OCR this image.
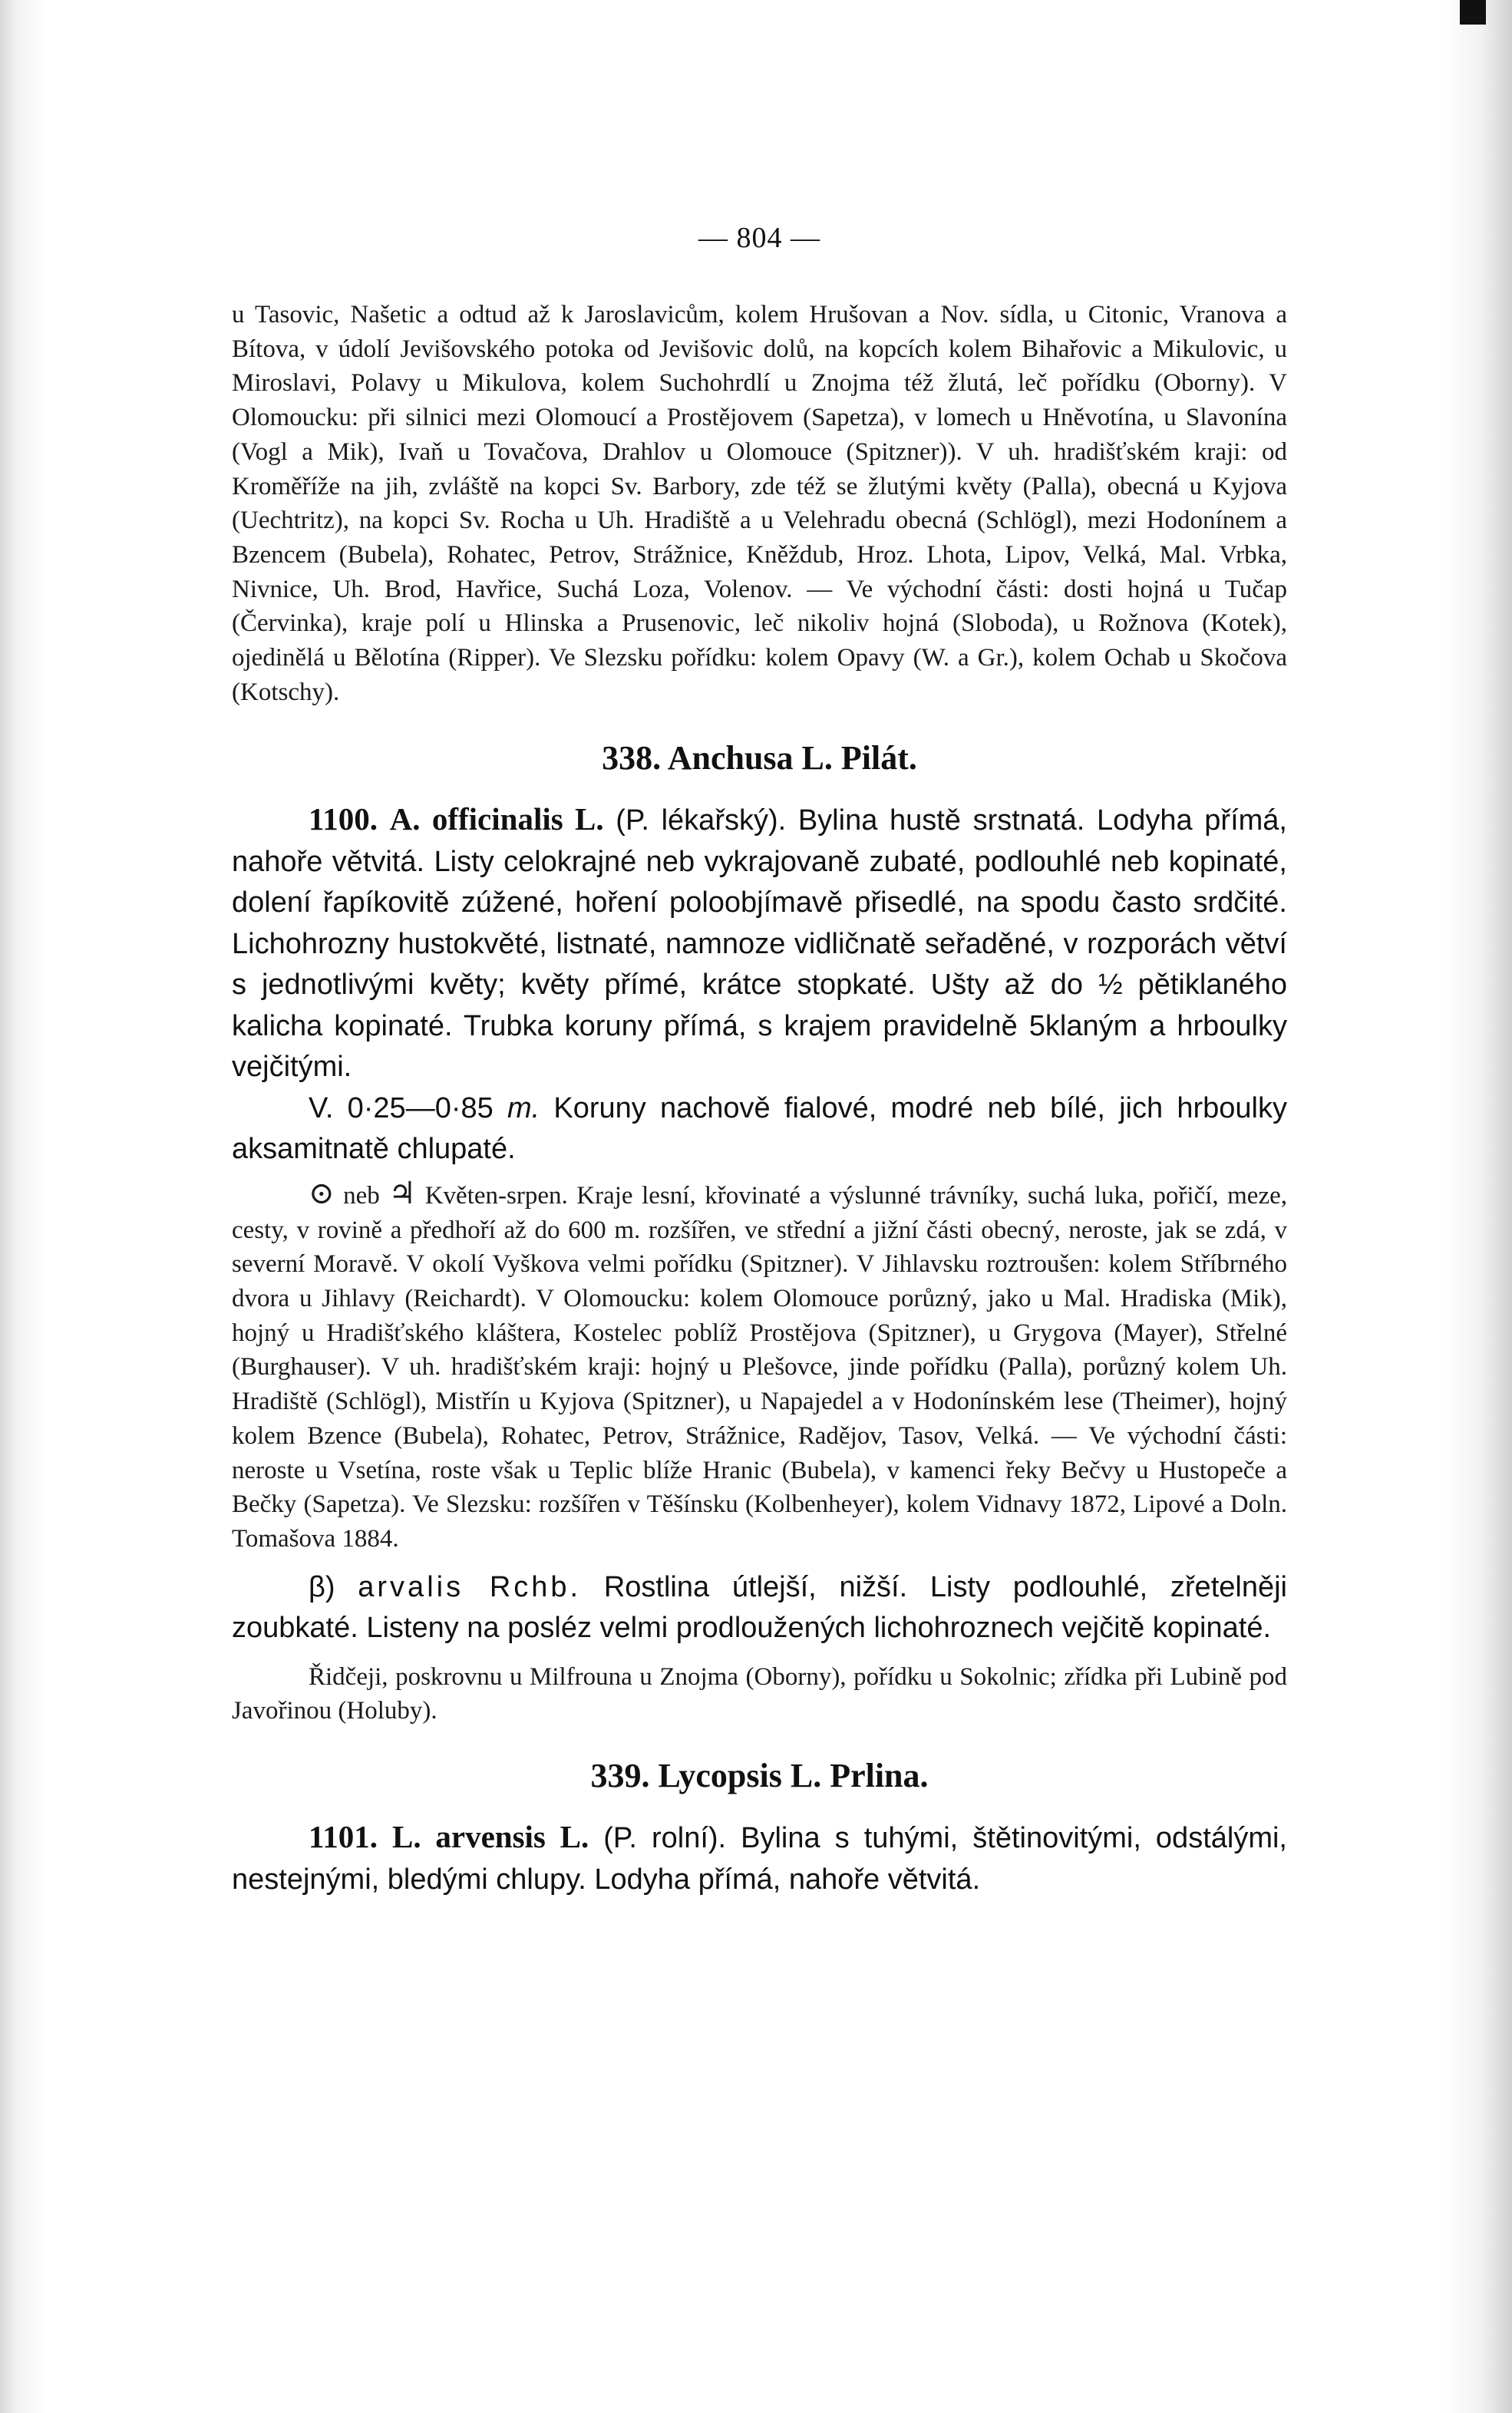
— 804 —

u Tasovic, Našetic a odtud až k Jaroslavicům, kolem Hrušovan a Nov. sídla, u Citonic, Vranova a Bítova, v údolí Jevišovského potoka od Jevišovic dolů, na kopcích kolem Bihařovic a Mikulovic, u Miroslavi, Polavy u Mikulova, kolem Suchohrdlí u Znojma též žlutá, leč pořídku (Oborny). V Olomoucku: při silnici mezi Olomoucí a Prostějovem (Sapetza), v lomech u Hněvotína, u Slavonína (Vogl a Mik), Ivaň u Tovačova, Drahlov u Olomouce (Spitzner)). V uh. hradišťském kraji: od Kroměříže na jih, zvláště na kopci Sv. Barbory, zde též se žlutými květy (Palla), obecná u Kyjova (Uechtritz), na kopci Sv. Rocha u Uh. Hradiště a u Velehradu obecná (Schlögl), mezi Hodonínem a Bzencem (Bubela), Rohatec, Petrov, Strážnice, Kněždub, Hroz. Lhota, Lipov, Velká, Mal. Vrbka, Nivnice, Uh. Brod, Havřice, Suchá Loza, Volenov. — Ve východní části: dosti hojná u Tučap (Červinka), kraje polí u Hlinska a Prusenovic, leč nikoliv hojná (Sloboda), u Rožnova (Kotek), ojedinělá u Bělotína (Ripper). Ve Slezsku pořídku: kolem Opavy (W. a Gr.), kolem Ochab u Skočova (Kotschy).

338. Anchusa L. Pilát.

1100. A. officinalis L. (P. lékařský). Bylina hustě srstnatá. Lodyha přímá, nahoře větvitá. Listy celokrajné neb vykrajovaně zubaté, podlouhlé neb kopinaté, dolení řapíkovitě zúžené, hoření poloobjímavě přisedlé, na spodu často srdčité. Lichohrozny hustokvěté, listnaté, namnoze vidličnatě seřaděné, v rozporách větví s jednotlivými květy; květy přímé, krátce stopkaté. Ušty až do ½ pětiklaného kalicha kopinaté. Trubka koruny přímá, s krajem pravidelně 5klaným a hrboulky vejčitými.

V. 0·25—0·85 m. Koruny nachově fialové, modré neb bílé, jich hrboulky aksamitnatě chlupaté.

⊙ neb ♃ Květen-srpen. Kraje lesní, křovinaté a výslunné trávníky, suchá luka, pořičí, meze, cesty, v rovině a předhoří až do 600 m. rozšířen, ve střední a jižní části obecný, neroste, jak se zdá, v severní Moravě. V okolí Vyškova velmi pořídku (Spitzner). V Jihlavsku roztroušen: kolem Stříbrného dvora u Jihlavy (Reichardt). V Olomoucku: kolem Olomouce porůzný, jako u Mal. Hradiska (Mik), hojný u Hradišťského kláštera, Kostelec poblíž Prostějova (Spitzner), u Grygova (Mayer), Střelné (Burghauser). V uh. hradišťském kraji: hojný u Plešovce, jinde pořídku (Palla), porůzný kolem Uh. Hradiště (Schlögl), Mistřín u Kyjova (Spitzner), u Napajedel a v Hodonínském lese (Theimer), hojný kolem Bzence (Bubela), Rohatec, Petrov, Strážnice, Radějov, Tasov, Velká. — Ve východní části: neroste u Vsetína, roste však u Teplic blíže Hranic (Bubela), v kamenci řeky Bečvy u Hustopeče a Bečky (Sapetza). Ve Slezsku: rozšířen v Těšínsku (Kolbenheyer), kolem Vidnavy 1872, Lipové a Doln. Tomašova 1884.

β) arvalis Rchb. Rostlina útlejší, nižší. Listy podlouhlé, zřetelněji zoubkaté. Listeny na posléz velmi prodloužených lichohroznech vejčitě kopinaté.

Řidčeji, poskrovnu u Milfrouna u Znojma (Oborny), pořídku u Sokolnic; zřídka při Lubině pod Javořinou (Holuby).

339. Lycopsis L. Prlina.

1101. L. arvensis L. (P. rolní). Bylina s tuhými, štětinovitými, odstálými, nestejnými, bledými chlupy. Lodyha přímá, nahoře větvitá.
